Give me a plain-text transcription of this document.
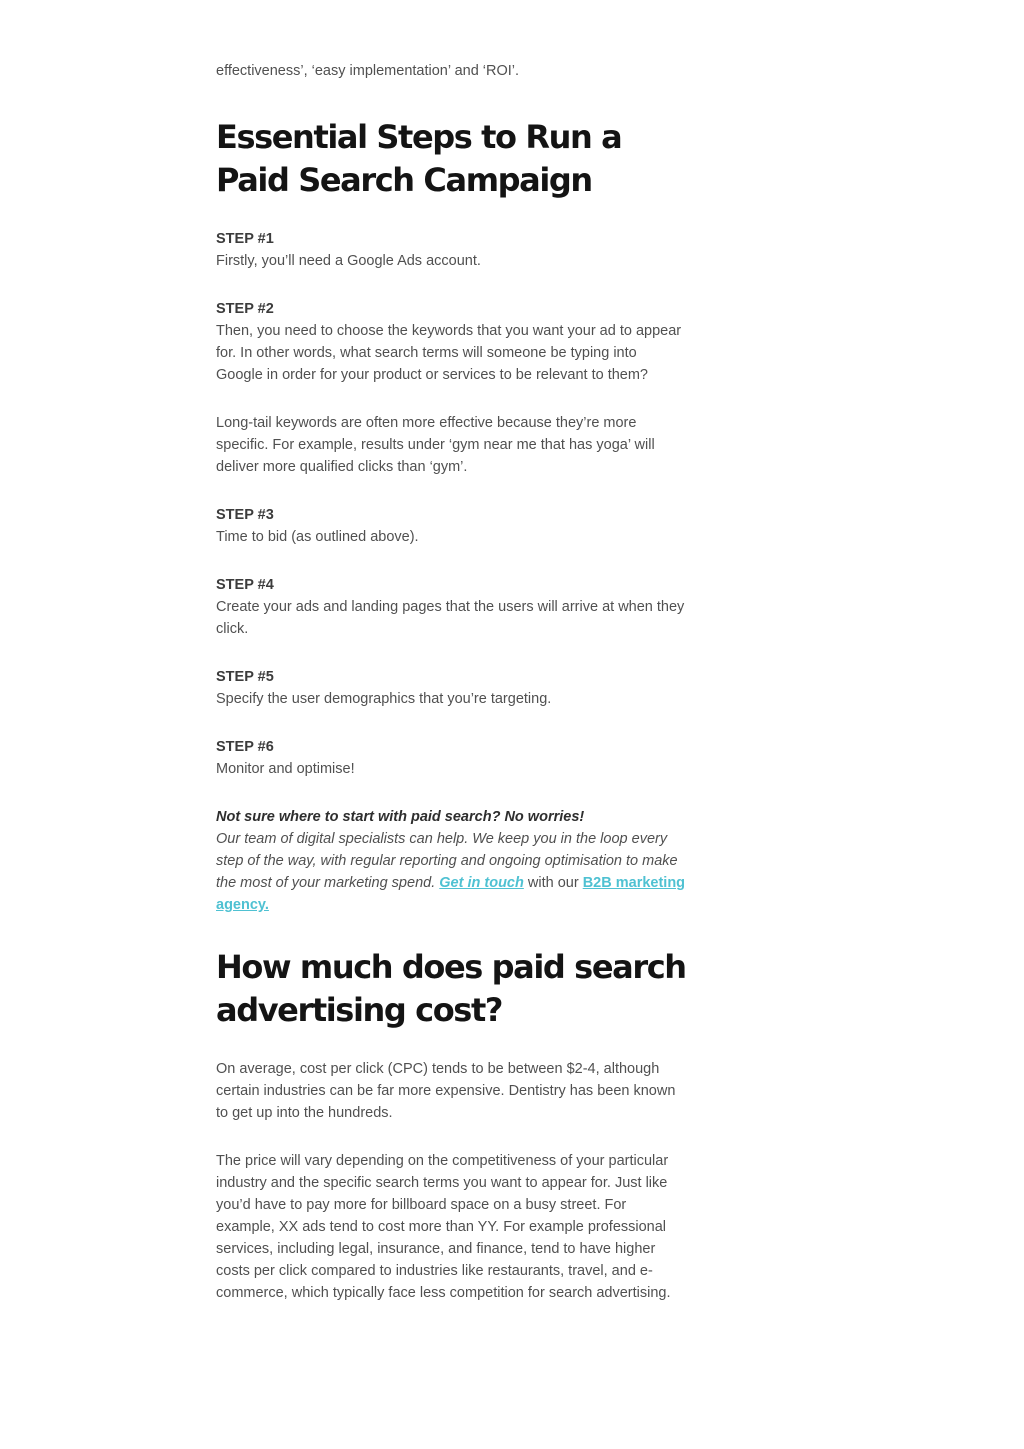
effectiveness’, ‘easy implementation’ and ‘ROI’.

Essential Steps to Run a Paid Search Campaign

STEP #1

Firstly, you’ll need a Google Ads account.

STEP #2

Then, you need to choose the keywords that you want your ad to appear for. In other words, what search terms will someone be typing into Google in order for your product or services to be relevant to them?

Long-tail keywords are often more effective because they’re more specific. For example, results under ‘gym near me that has yoga’ will deliver more qualified clicks than ‘gym’.

STEP #3

Time to bid (as outlined above).

STEP #4

Create your ads and landing pages that the users will arrive at when they click.

STEP #5

Specify the user demographics that you’re targeting.

STEP #6

Monitor and optimise!

Not sure where to start with paid search? No worries!

Our team of digital specialists can help. We keep you in the loop every step of the way, with regular reporting and ongoing optimisation to make the most of your marketing spend. Get in touch with our B2B marketing agency.

How much does paid search advertising cost?

On average, cost per click (CPC) tends to be between $2-4, although certain industries can be far more expensive. Dentistry has been known to get up into the hundreds.

The price will vary depending on the competitiveness of your particular industry and the specific search terms you want to appear for. Just like you’d have to pay more for billboard space on a busy street. For example, XX ads tend to cost more than YY. For example professional services, including legal, insurance, and finance, tend to have higher costs per click compared to industries like restaurants, travel, and e-commerce, which typically face less competition for search advertising.
